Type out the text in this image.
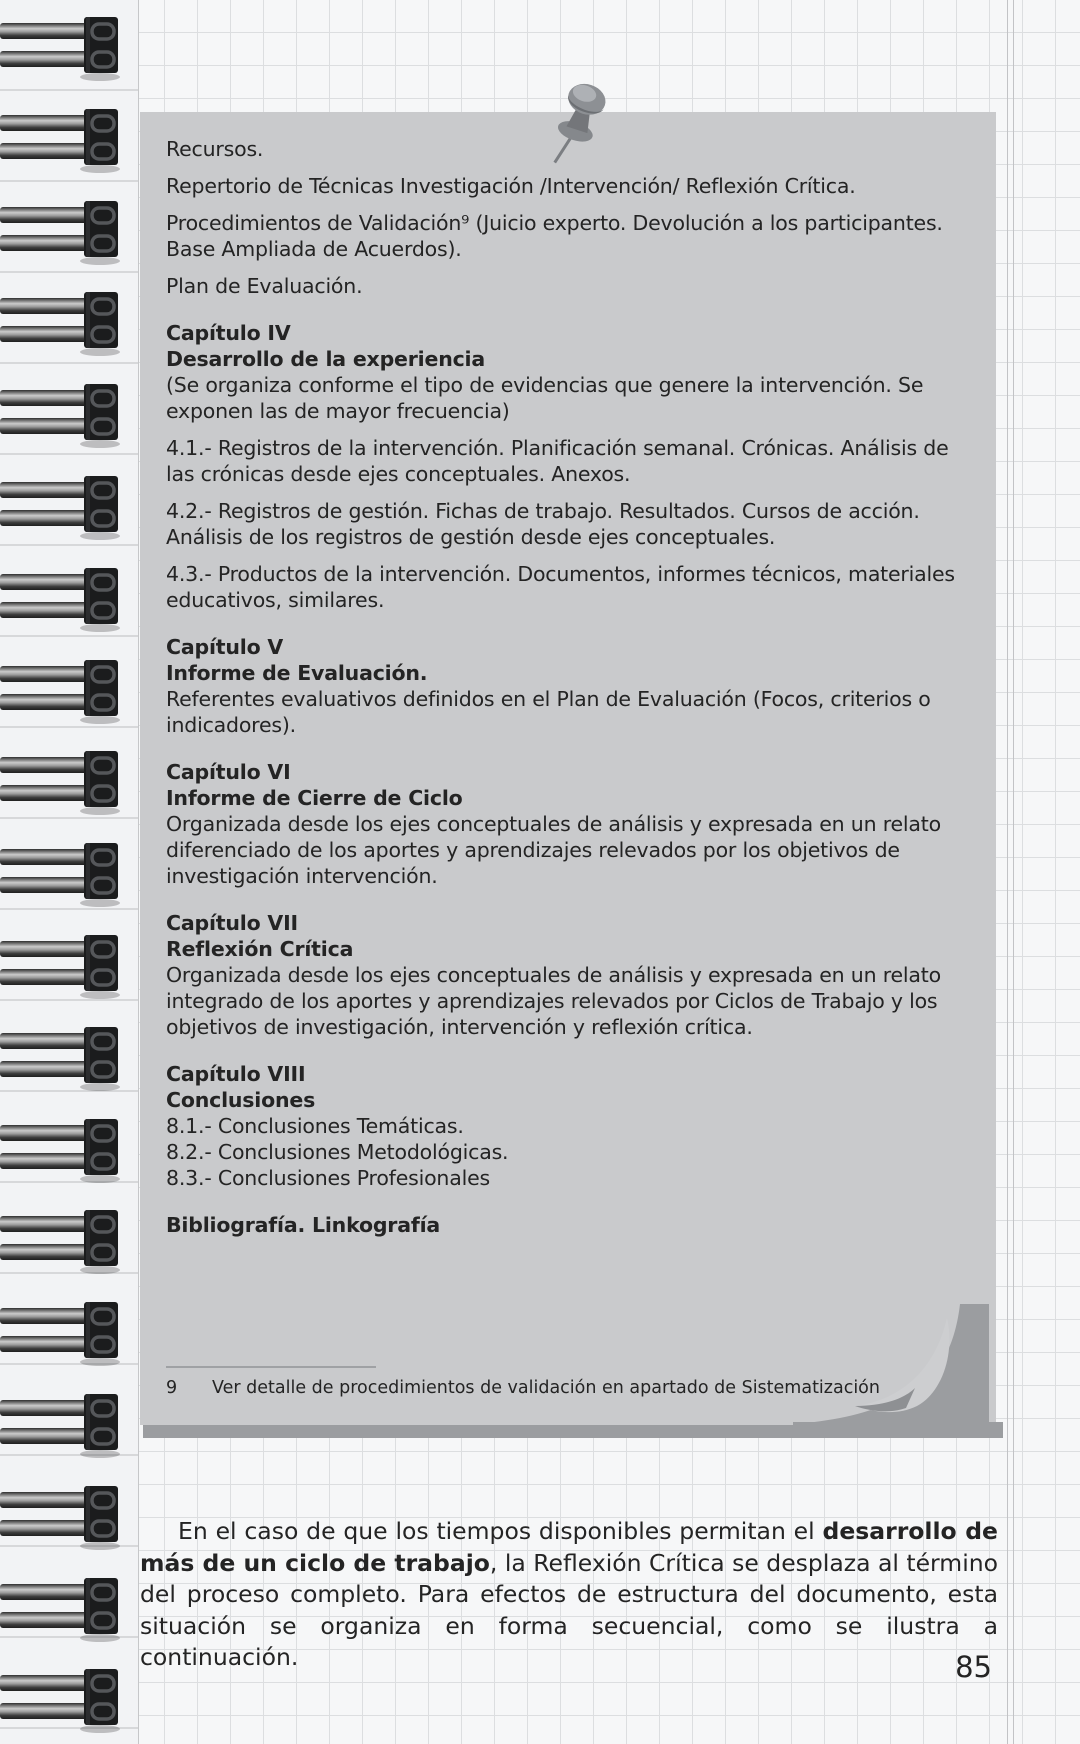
Recursos.
Repertorio de Técnicas Investigación /Intervención/ Reflexión Crítica.
Procedimientos de Validación⁹ (Juicio experto. Devolución a los participantes. Base Ampliada de Acuerdos).
Plan de Evaluación.
Capítulo IV
Desarrollo de la experiencia
(Se organiza conforme el tipo de evidencias que genere la intervención. Se exponen las de mayor frecuencia)
4.1.- Registros de la intervención. Planificación semanal. Crónicas. Análisis de las crónicas desde ejes conceptuales. Anexos.
4.2.- Registros de gestión. Fichas de trabajo. Resultados. Cursos de acción. Análisis de los registros de gestión desde ejes conceptuales.
4.3.- Productos de la intervención. Documentos, informes técnicos, materiales educativos, similares.
Capítulo V
Informe de Evaluación.
Referentes evaluativos definidos en el Plan de Evaluación (Focos, criterios o indicadores).
Capítulo VI
Informe de Cierre de Ciclo
Organizada desde los ejes conceptuales de análisis y expresada en un relato diferenciado de los aportes y aprendizajes relevados por los objetivos de investigación intervención.
Capítulo VII
Reflexión Crítica
Organizada desde los ejes conceptuales de análisis y expresada en un relato integrado de los aportes y aprendizajes relevados por Ciclos de Trabajo y los objetivos de investigación, intervención y reflexión crítica.
Capítulo VIII
Conclusiones
8.1.- Conclusiones Temáticas.
8.2.- Conclusiones Metodológicas.
8.3.- Conclusiones Profesionales
Bibliografía. Linkografía
9 Ver detalle de procedimientos de validación en apartado de Sistematización

En el caso de que los tiempos disponibles permitan el desarrollo de más de un ciclo de trabajo, la Reflexión Crítica se desplaza al término del proceso completo. Para efectos de estructura del documento, esta situación se organiza en forma secuencial, como se ilustra a continuación.	85
